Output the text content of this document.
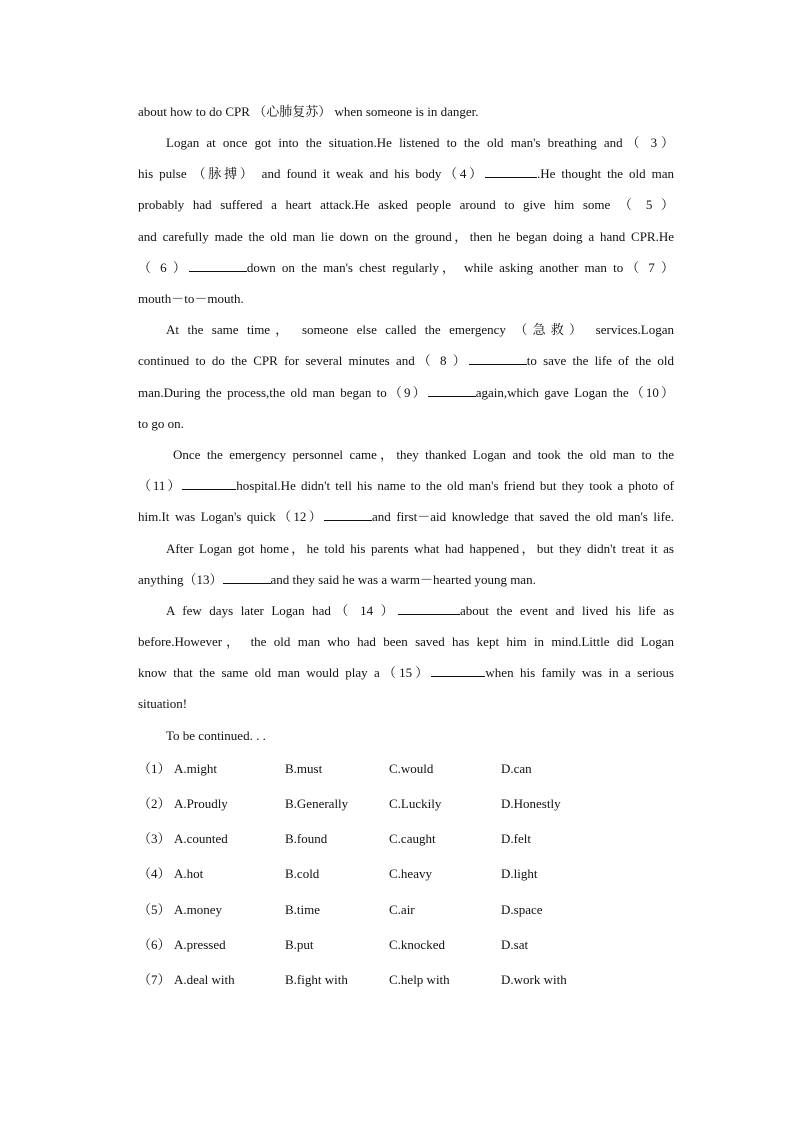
about how to do CPR （心肺复苏） when someone is in danger.
Logan at once got into the situation.He listened to the old man's breathing and（ 3）
his pulse （脉搏） and found it weak and his body（4）	.He thought the old man
probably had suffered a heart attack.He asked people around to give him some （ 5 ）
and carefully made the old man lie down on the ground，then he began doing a hand CPR.He
（ 6 ）	down on the man's chest regularly， while asking another man to（ 7 ）
mouth－to－mouth.
At the same time， someone else called the emergency （急救） services.Logan
continued to do the CPR for several minutes and（ 8 ）	to save the life of the old
man.During the process,the old man began to（9）	again,which gave Logan the（10）
to go on.
Once the emergency personnel came，they thanked Logan and took the old man to the
（11）	hospital.He didn't tell his name to the old man's friend but they took a photo of
him.It was Logan's quick（12）	and first－aid knowledge that saved the old man's life.
After Logan got home，he told his parents what had happened，but they didn't treat it as
anything（13）	and they said he was a warm－hearted young man.
A few days later Logan had（ 14 ）	about the event and lived his life as
before.However， the old man who had been saved has kept him in mind.Little did Logan
know that the same old man would play a（15）	when his family was in a serious
situation!
To be continued. . .
（1） A.might	B.must	C.would	D.can
（2） A.Proudly	B.Generally	C.Luckily	D.Honestly
（3） A.counted	B.found	C.caught	D.felt
（4） A.hot	B.cold	C.heavy	D.light
（5） A.money	B.time	C.air	D.space
（6） A.pressed	B.put	C.knocked	D.sat
（7） A.deal with	B.fight with	C.help with	D.work with
